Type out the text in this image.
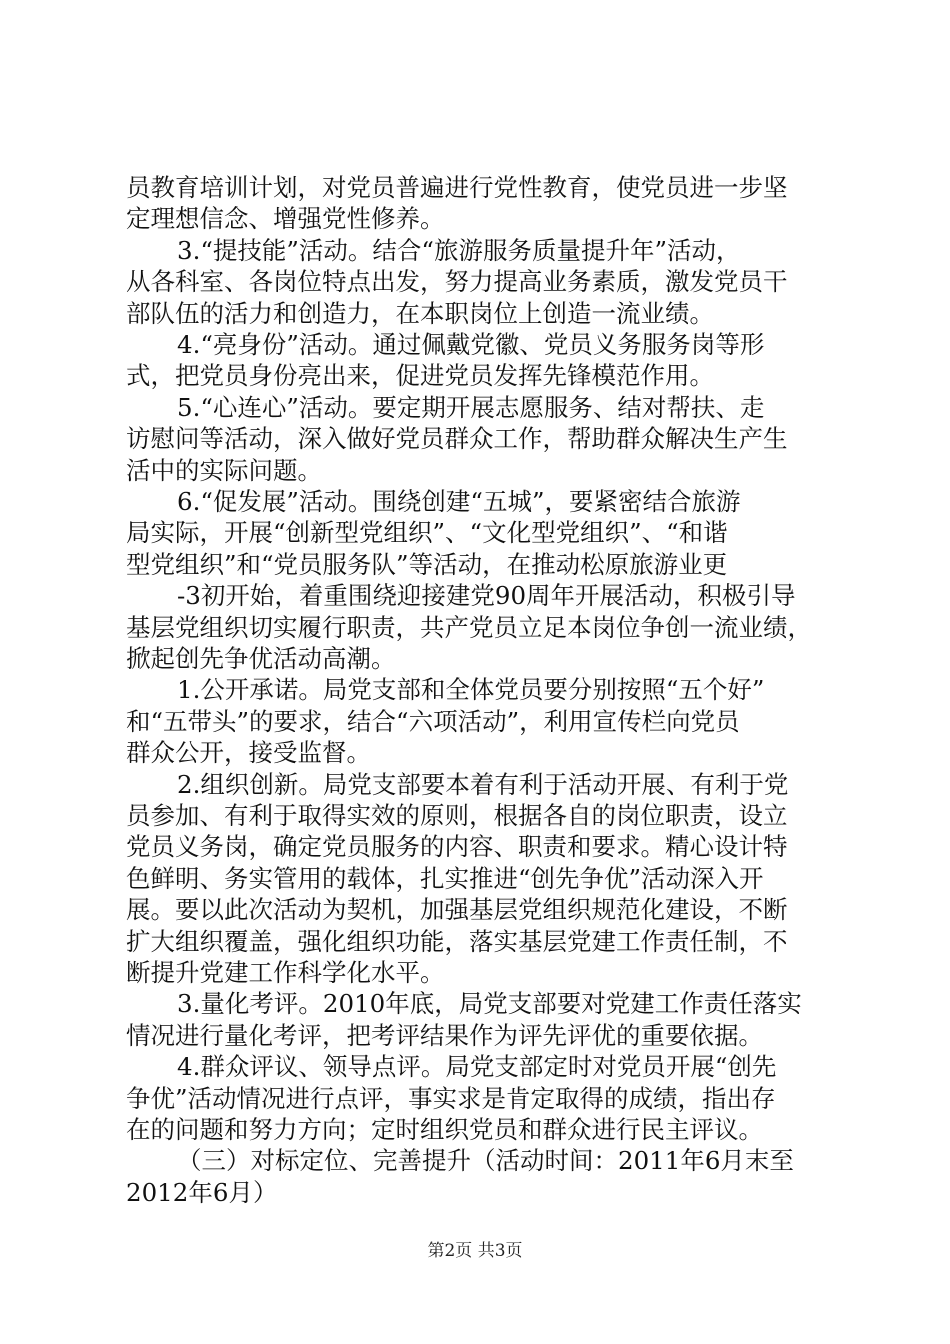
员教育培训计划，对党员普遍进行党性教育，使党员进一步坚
定理想信念、增强党性修养。
3.“提技能”活动。结合“旅游服务质量提升年”活动，
从各科室、各岗位特点出发，努力提高业务素质，激发党员干
部队伍的活力和创造力，在本职岗位上创造一流业绩。
4.“亮身份”活动。通过佩戴党徽、党员义务服务岗等形
式，把党员身份亮出来，促进党员发挥先锋模范作用。
5.“心连心”活动。要定期开展志愿服务、结对帮扶、走
访慰问等活动，深入做好党员群众工作，帮助群众解决生产生
活中的实际问题。
6.“促发展”活动。围绕创建“五城”，要紧密结合旅游
局实际，开展“创新型党组织”、“文化型党组织”、“和谐
型党组织”和“党员服务队”等活动，在推动松原旅游业更
-3初开始，着重围绕迎接建党90周年开展活动，积极引导
基层党组织切实履行职责，共产党员立足本岗位争创一流业绩，
掀起创先争优活动高潮。
1.公开承诺。局党支部和全体党员要分别按照“五个好”
和“五带头”的要求，结合“六项活动”，利用宣传栏向党员
群众公开，接受监督。
2.组织创新。局党支部要本着有利于活动开展、有利于党
员参加、有利于取得实效的原则，根据各自的岗位职责，设立
党员义务岗，确定党员服务的内容、职责和要求。精心设计特
色鲜明、务实管用的载体，扎实推进“创先争优”活动深入开
展。要以此次活动为契机，加强基层党组织规范化建设，不断
扩大组织覆盖，强化组织功能，落实基层党建工作责任制，不
断提升党建工作科学化水平。
3.量化考评。2010年底，局党支部要对党建工作责任落实
情况进行量化考评，把考评结果作为评先评优的重要依据。
4.群众评议、领导点评。局党支部定时对党员开展“创先
争优”活动情况进行点评，事实求是肯定取得的成绩，指出存
在的问题和努力方向；定时组织党员和群众进行民主评议。
（三）对标定位、完善提升（活动时间：2011年6月末至
2012年6月）
第2页 共3页
